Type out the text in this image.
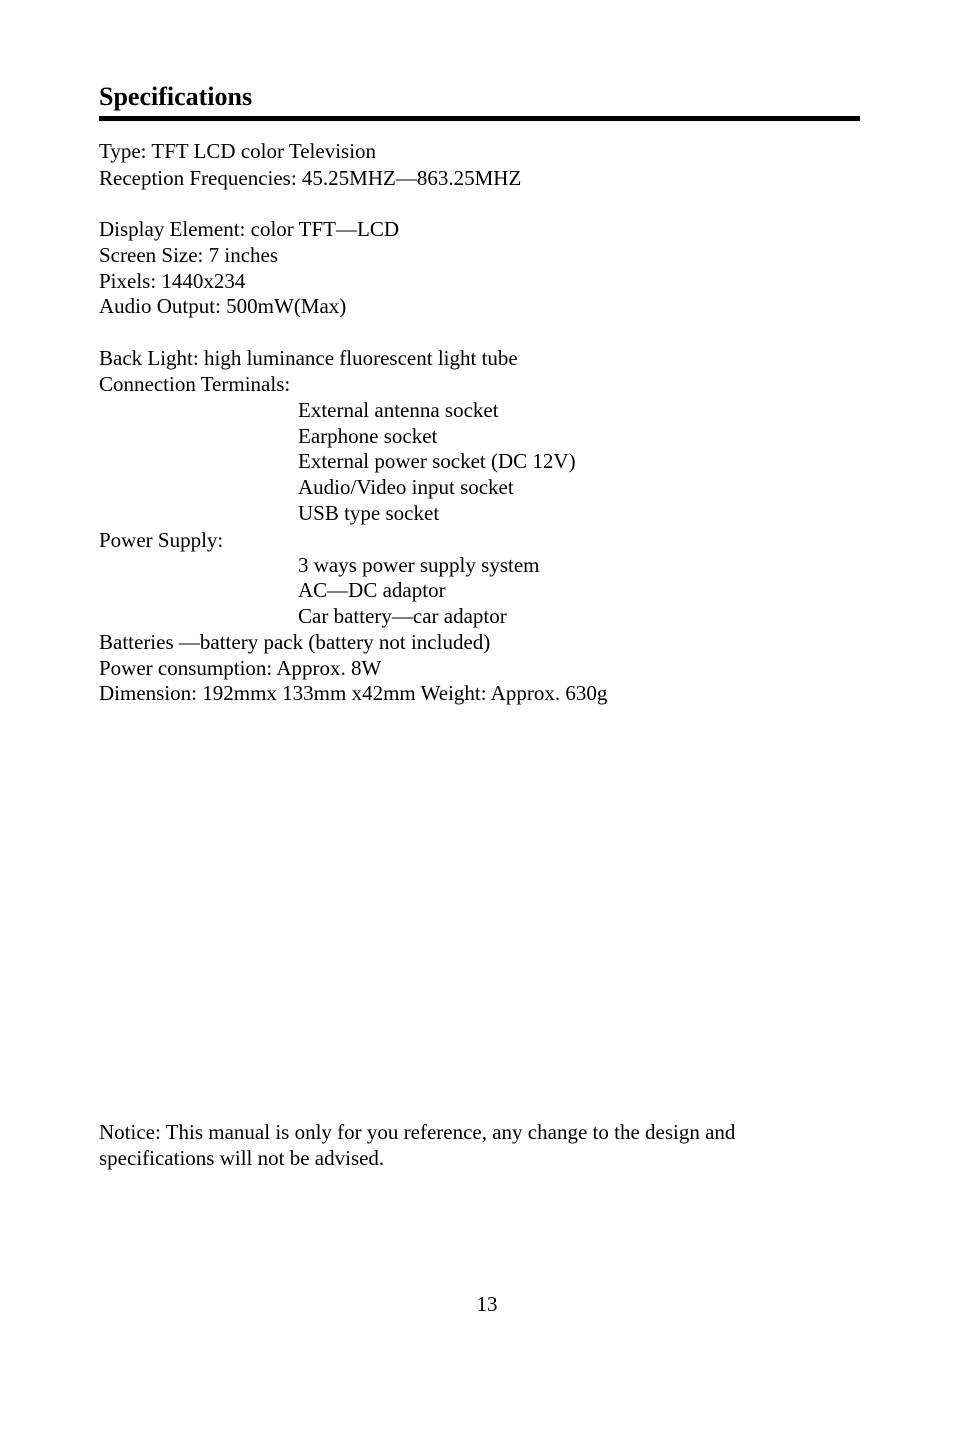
Specifications
Type: TFT LCD color Television
Reception Frequencies: 45.25MHZ—863.25MHZ
Display Element: color TFT—LCD
Screen Size: 7 inches
Pixels: 1440x234
Audio Output: 500mW(Max)
Back Light: high luminance fluorescent light tube
Connection Terminals:
External antenna socket
Earphone socket
External power socket (DC 12V)
Audio/Video input socket
USB type socket
Power Supply:
3 ways power supply system
AC—DC adaptor
Car battery—car adaptor
Batteries —battery pack (battery not included)
Power consumption: Approx. 8W
Dimension: 192mmx 133mm x42mm Weight: Approx. 630g
Notice: This manual is only for you reference, any change to the design and
specifications will not be advised.
13
